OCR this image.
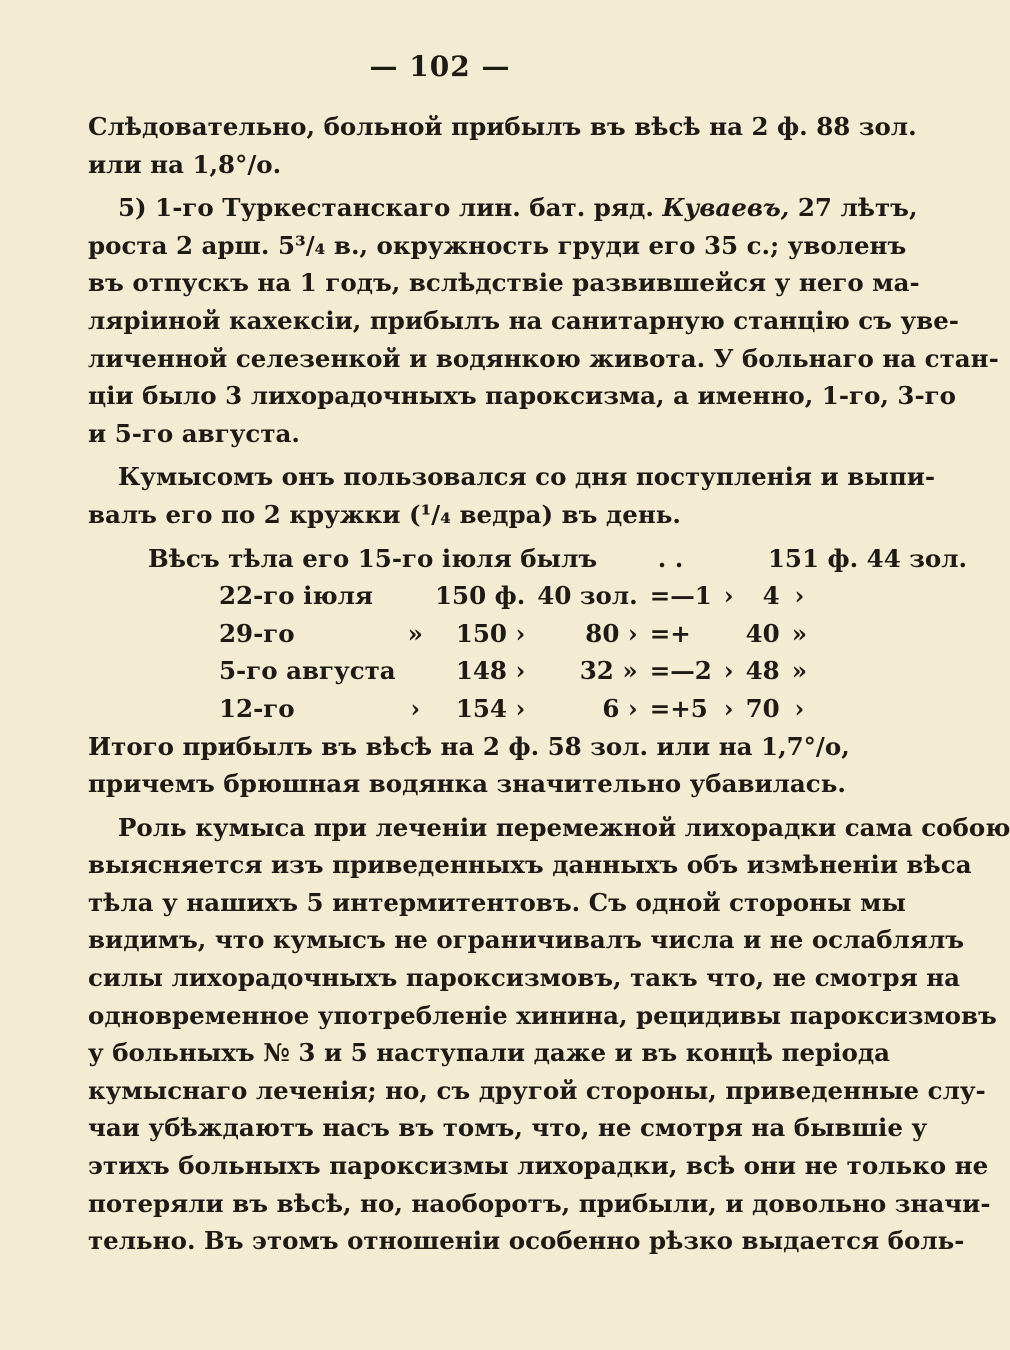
— 102 —

Слѣдовательно, больной прибылъ въ вѣсѣ на 2 ф. 88 зол.
или на 1,8°/о.

5) 1-го Туркестанскаго лин. бат. ряд. Куваевъ, 27 лѣтъ,
роста 2 арш. 5³/₄ в., окружность груди его 35 с.; уволенъ
въ отпускъ на 1 годъ, вслѣдствіе развившейся у него ма-
ляріиной кахексіи, прибылъ на санитарную станцію съ уве-
личенной селезенкой и водянкою живота. У больнаго на стан-
ціи было 3 лихорадочныхъ пароксизма, а именно, 1-го, 3-го
и 5-го августа.

Кумысомъ онъ пользовался со дня поступленія и выпи-
валъ его по 2 кружки (¹/₄ ведра) въ день.

Вѣсъ тѣла его 15-го іюля былъ . .	151 ф. 44 зол.
22-го іюля		150 ф.	40 зол.	=—1	›	4	›
29-го	»	150 ›	80 ›	=+		40	»
5-го августа		148 ›	32 »	=—2	›	48	»
12-го	›	154 ›	6 ›	=+5	›	70	›

Итого прибылъ въ вѣсѣ на 2 ф. 58 зол. или на 1,7°/о,
причемъ брюшная водянка значительно убавилась.

Роль кумыса при леченіи перемежной лихорадки сама собою
выясняется изъ приведенныхъ данныхъ объ измѣненіи вѣса
тѣла у нашихъ 5 интермитентовъ. Съ одной стороны мы
видимъ, что кумысъ не ограничивалъ числа и не ослаблялъ
силы лихорадочныхъ пароксизмовъ, такъ что, не смотря на
одновременное употребленіе хинина, рецидивы пароксизмовъ
у больныхъ № 3 и 5 наступали даже и въ концѣ періода
кумыснаго леченія; но, съ другой стороны, приведенные слу-
чаи убѣждаютъ насъ въ томъ, что, не смотря на бывшіе у
этихъ больныхъ пароксизмы лихорадки, всѣ они не только не
потеряли въ вѣсѣ, но, наоборотъ, прибыли, и довольно значи-
тельно. Въ этомъ отношеніи особенно рѣзко выдается боль-
